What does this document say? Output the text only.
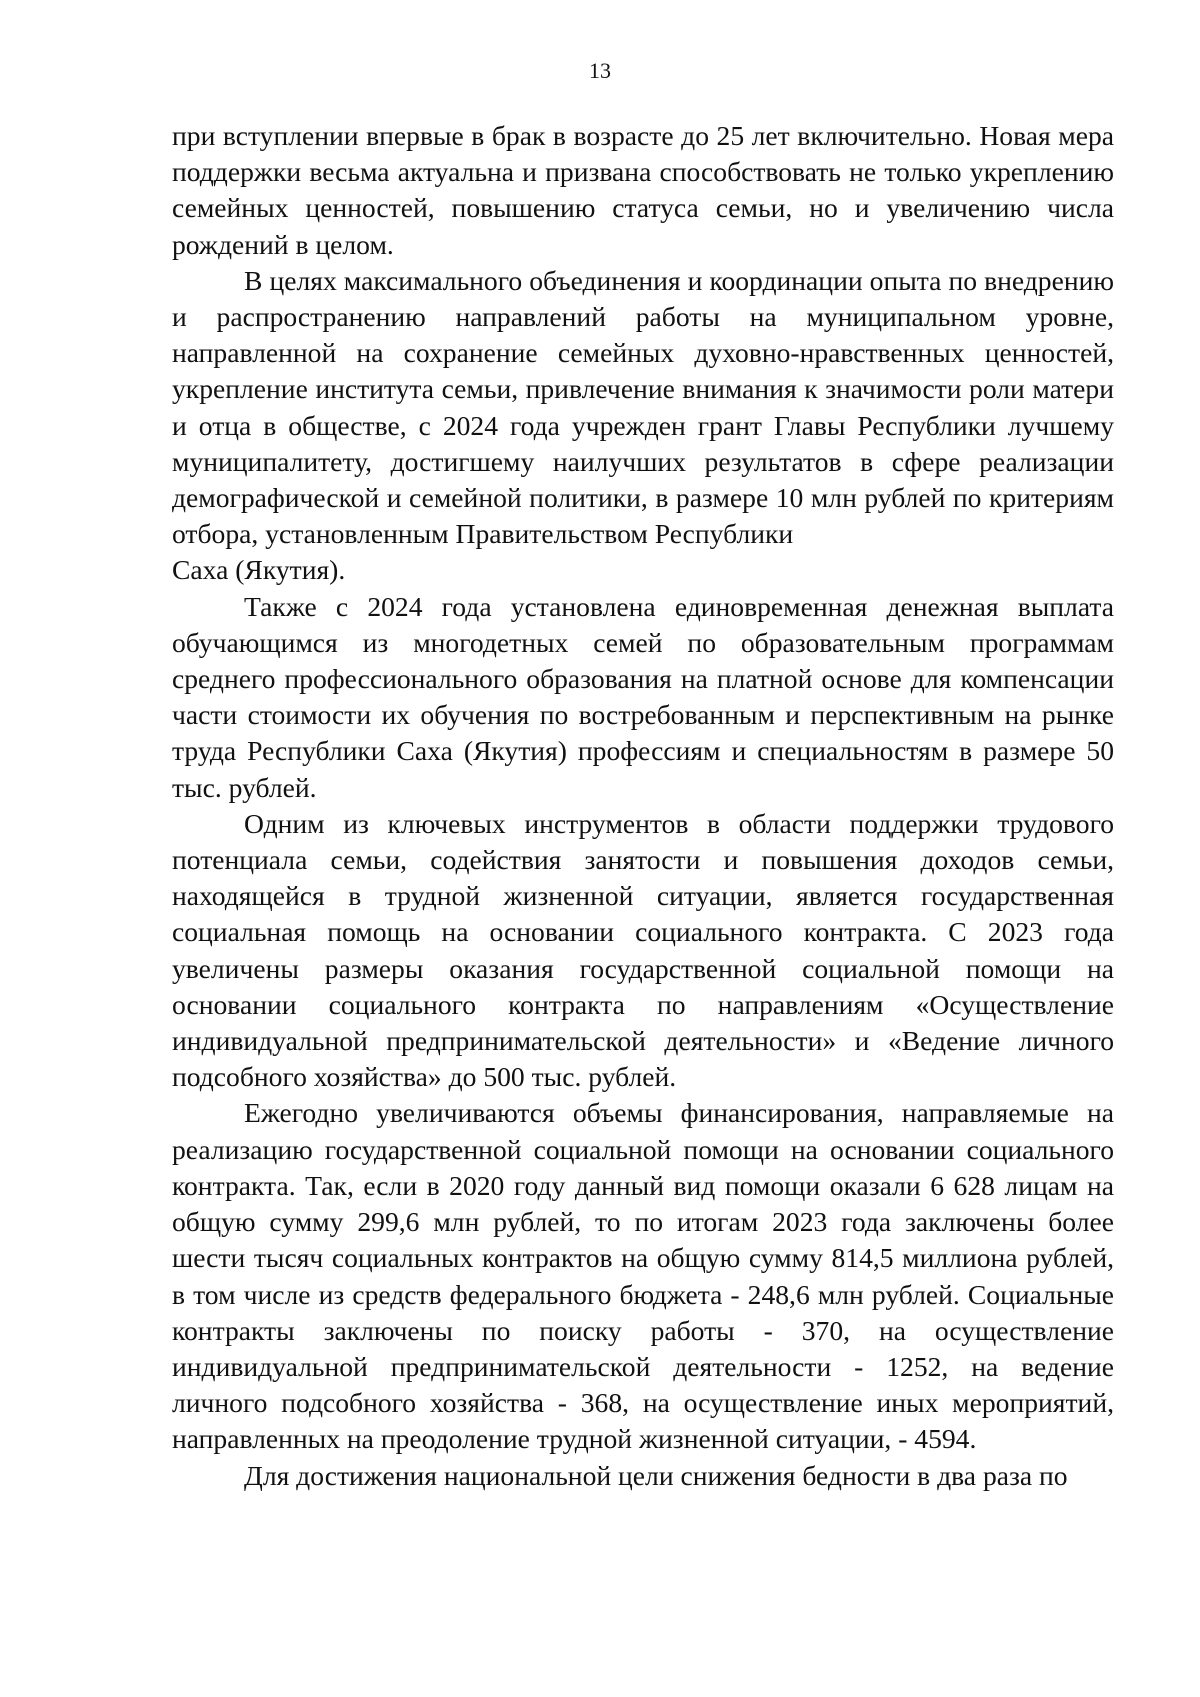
13

при вступлении впервые в брак в возрасте до 25 лет включительно. Новая мера поддержки весьма актуальна и призвана способствовать не только укреплению семейных ценностей, повышению статуса семьи, но и увеличению числа рождений в целом.

В целях максимального объединения и координации опыта по внедрению и распространению направлений работы на муниципальном уровне, направленной на сохранение семейных духовно-нравственных ценностей, укрепление института семьи, привлечение внимания к значимости роли матери и отца в обществе, с 2024 года учрежден грант Главы Республики лучшему муниципалитету, достигшему наилучших результатов в сфере реализации демографической и семейной политики, в размере 10 млн рублей по критериям отбора, установленным Правительством Республики

Саха (Якутия).

Также с 2024 года установлена единовременная денежная выплата обучающимся из многодетных семей по образовательным программам среднего профессионального образования на платной основе для компенсации части стоимости их обучения по востребованным и перспективным на рынке труда Республики Саха (Якутия) профессиям и специальностям в размере 50 тыс. рублей.

Одним из ключевых инструментов в области поддержки трудового потенциала семьи, содействия занятости и повышения доходов семьи, находящейся в трудной жизненной ситуации, является государственная социальная помощь на основании социального контракта. С 2023 года увеличены размеры оказания государственной социальной помощи на основании социального контракта по направлениям «Осуществление индивидуальной предпринимательской деятельности» и «Ведение личного подсобного хозяйства» до 500 тыс. рублей.

Ежегодно увеличиваются объемы финансирования, направляемые на реализацию государственной социальной помощи на основании социального контракта. Так, если в 2020 году данный вид помощи оказали 6 628 лицам на общую сумму 299,6 млн рублей, то по итогам 2023 года заключены более шести тысяч социальных контрактов на общую сумму 814,5 миллиона рублей, в том числе из средств федерального бюджета - 248,6 млн рублей. Социальные контракты заключены по поиску работы - 370, на осуществление индивидуальной предпринимательской деятельности - 1252, на ведение личного подсобного хозяйства - 368, на осуществление иных мероприятий, направленных на преодоление трудной жизненной ситуации, - 4594.

Для достижения национальной цели снижения бедности в два раза по
